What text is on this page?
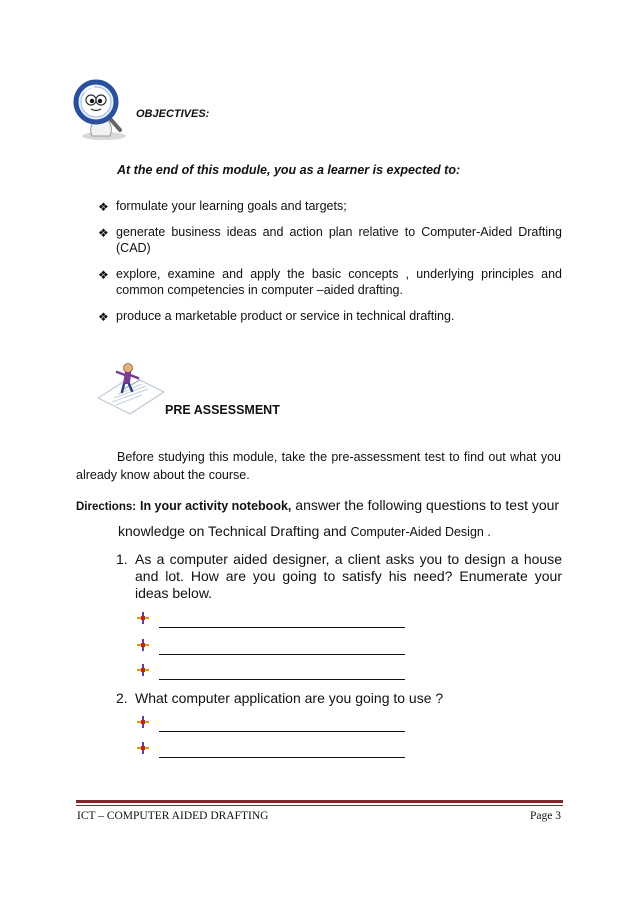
OBJECTIVES:
At the end of this module, you as a learner is expected to:
❖ formulate your learning goals and targets;
❖ generate business ideas and action plan relative to Computer-Aided Drafting (CAD)
❖ explore, examine and apply the basic concepts , underlying principles and common competencies in computer –aided drafting.
❖ produce a marketable product or service in technical drafting.
PRE ASSESSMENT
Before studying this module, take the pre-assessment test to find out what you already know about the course.
Directions: In your activity notebook, answer the following questions to test your
knowledge on Technical Drafting and Computer-Aided Design .
1. As a computer aided designer, a client asks you to design a house and lot. How are you going to satisfy his need? Enumerate your ideas below.
2. What computer application are you going to use ?
ICT – COMPUTER AIDED DRAFTING	Page 3
